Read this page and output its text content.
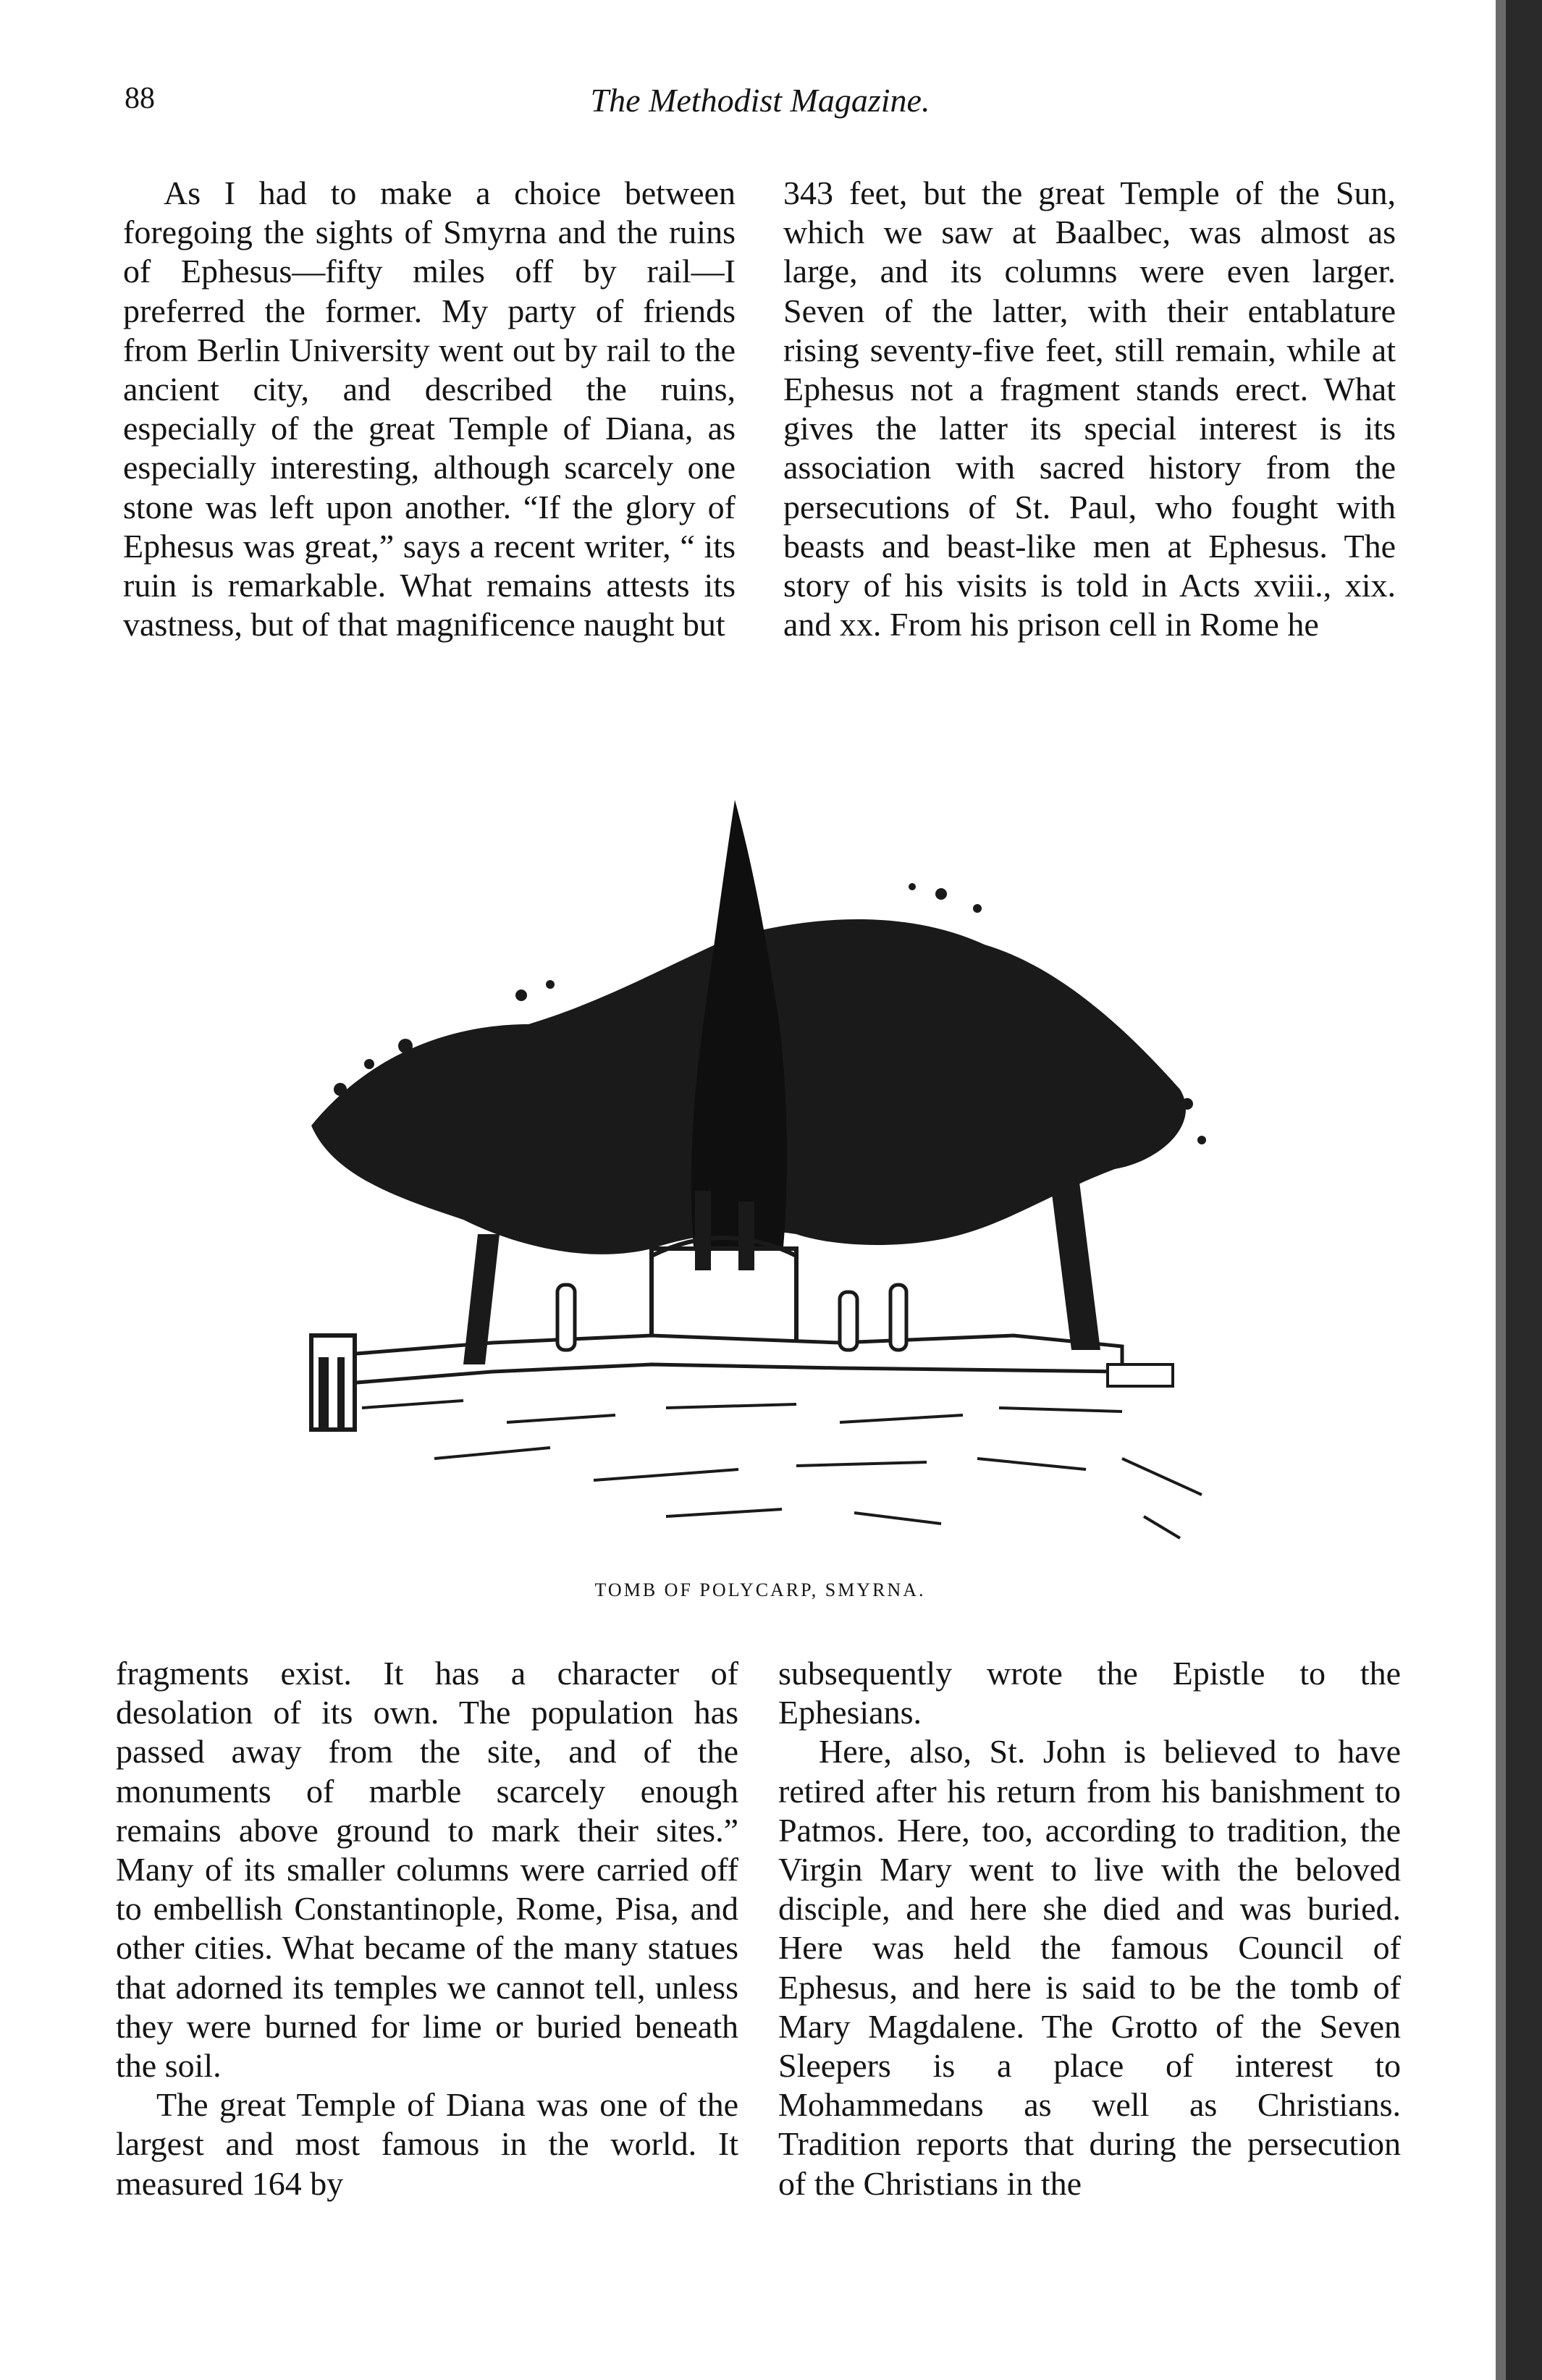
88	The Methodist Magazine.

As I had to make a choice between foregoing the sights of Smyrna and the ruins of Ephesus—fifty miles off by rail—I preferred the former. My party of friends from Berlin University went out by rail to the ancient city, and described the ruins, especially of the great Temple of Diana, as especially interesting, although scarcely one stone was left upon another. “If the glory of Ephesus was great,” says a recent writer, “ its ruin is remarkable. What remains attests its vastness, but of that magnificence naught but

343 feet, but the great Temple of the Sun, which we saw at Baalbec, was almost as large, and its columns were even larger. Seven of the latter, with their entablature rising seventy-five feet, still remain, while at Ephesus not a fragment stands erect. What gives the latter its special interest is its association with sacred history from the persecutions of St. Paul, who fought with beasts and beast-like men at Ephesus. The story of his visits is told in Acts xviii., xix. and xx. From his prison cell in Rome he

TOMB OF POLYCARP, SMYRNA.

fragments exist. It has a character of desolation of its own. The population has passed away from the site, and of the monuments of marble scarcely enough remains above ground to mark their sites.” Many of its smaller columns were carried off to embellish Constantinople, Rome, Pisa, and other cities. What became of the many statues that adorned its temples we cannot tell, unless they were burned for lime or buried beneath the soil.

The great Temple of Diana was one of the largest and most famous in the world. It measured 164 by

subsequently wrote the Epistle to the Ephesians.

Here, also, St. John is believed to have retired after his return from his banishment to Patmos. Here, too, according to tradition, the Virgin Mary went to live with the beloved disciple, and here she died and was buried. Here was held the famous Council of Ephesus, and here is said to be the tomb of Mary Magdalene. The Grotto of the Seven Sleepers is a place of interest to Mohammedans as well as Christians. Tradition reports that during the persecution of the Christians in the
